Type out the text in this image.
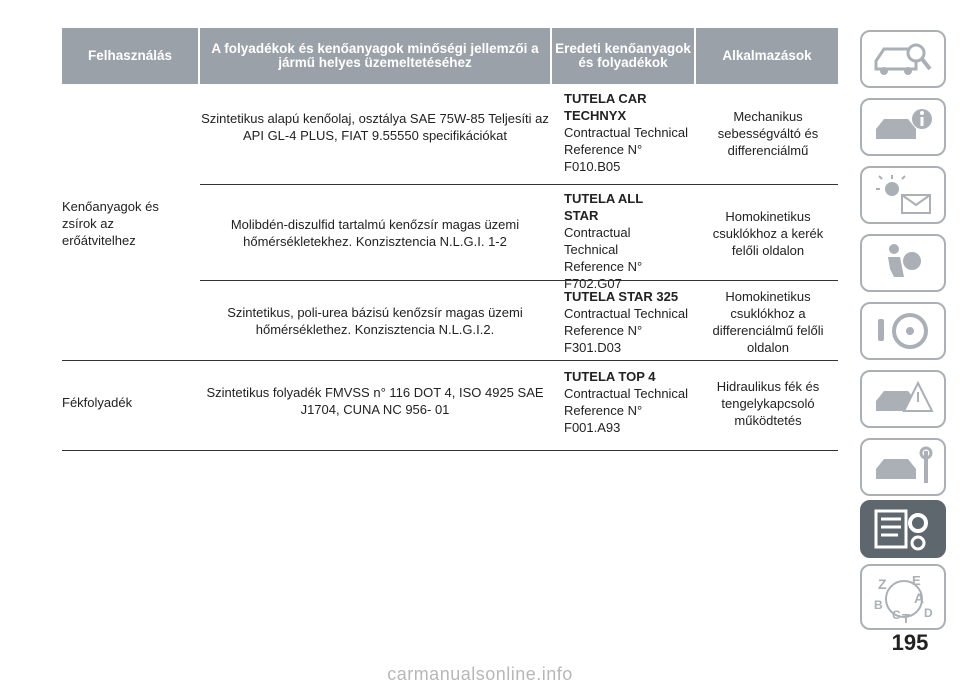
Felhasználás	A folyadékok és kenőanyagok minőségi jellemzői a jármű helyes üzemeltetéséhez
Eredeti kenőanyagok és folyadékok	Alkalmazások
Kenőanyagok és zsírok az erőátvitelhez
Szintetikus alapú kenőolaj, osztálya SAE 75W-85 Teljesíti az API GL-4 PLUS, FIAT 9.55550 specifikációkat
TUTELA CAR TECHNYX
Contractual Technical Reference N° F010.B05
Mechanikus sebességváltó és differenciálmű
Molibdén-diszulfid tartalmú kenőzsír magas üzemi hőmérsékletekhez. Konzisztencia N.L.G.I. 1-2
TUTELA ALL STAR
Contractual Technical Reference N° F702.G07
Homokinetikus csuklókhoz a kerék felőli oldalon
Szintetikus, poli-urea bázisú kenőzsír magas üzemi hőmérséklethez. Konzisztencia N.L.G.I.2.
TUTELA STAR 325
Contractual Technical Reference N° F301.D03
Homokinetikus csuklókhoz a differenciálmű felőli oldalon
Fékfolyadék
Szintetikus folyadék FMVSS n° 116 DOT 4, ISO 4925 SAE J1704, CUNA NC 956- 01
TUTELA TOP 4
Contractual Technical Reference N° F001.A93
Hidraulikus fék és tengelykapcsoló működtetés
Z E
A
B
C T D
195
carmanualsonline.info
